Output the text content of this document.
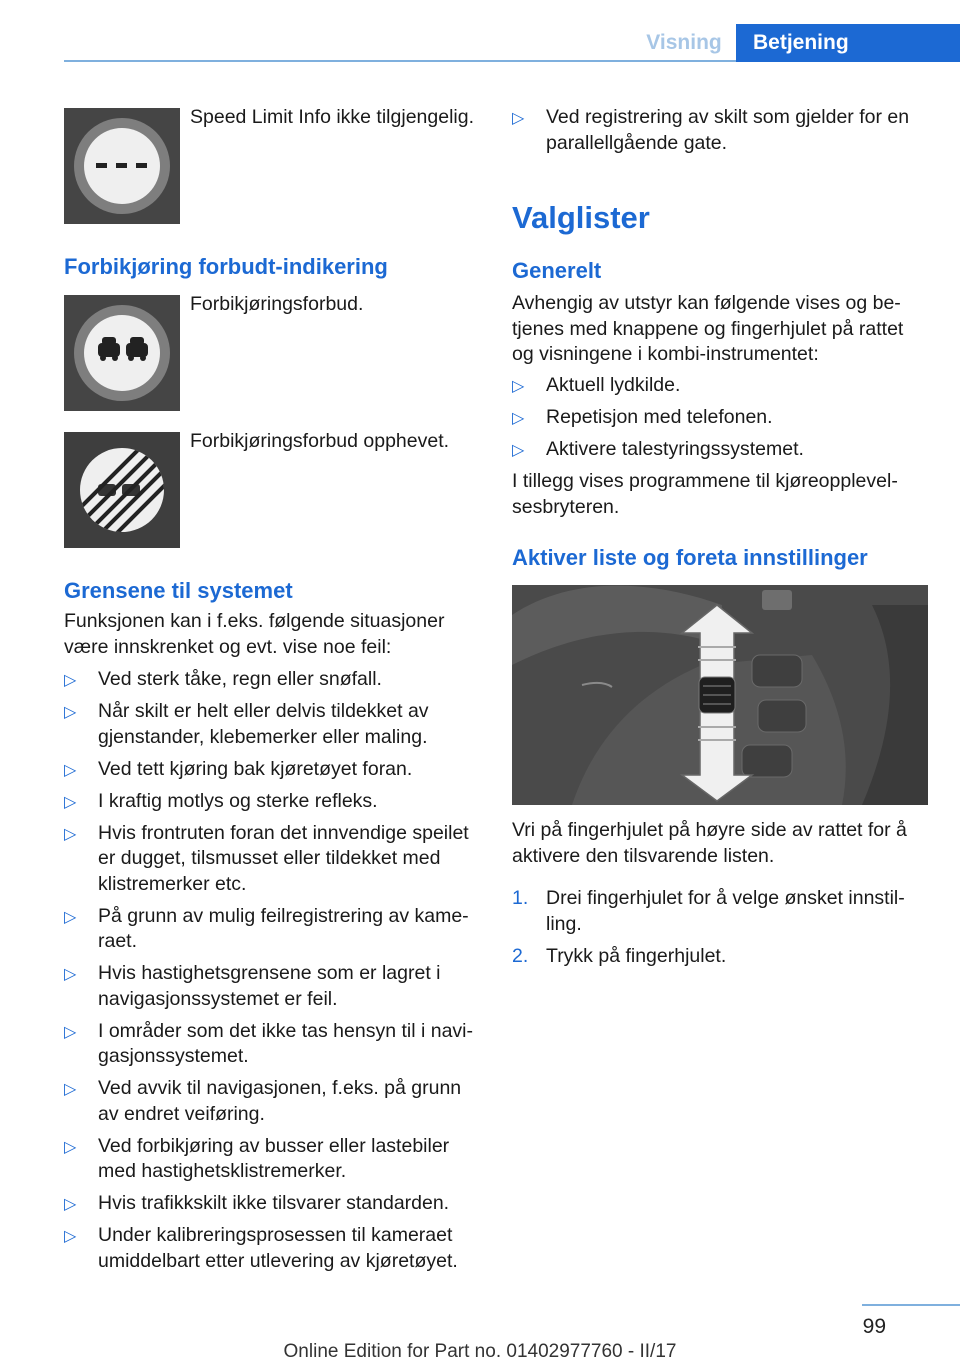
Visning	Betjening
Speed Limit Info ikke tilgjengelig.
Forbikjøring forbudt-indikering
Forbikjøringsforbud.
Forbikjøringsforbud opphevet.
Grensene til systemet
Funksjonen kan i f.eks. følgende situasjoner være innskrenket og evt. vise noe feil:
▷ Ved sterk tåke, regn eller snøfall.
▷ Når skilt er helt eller delvis tildekket av gjenstander, klebemerker eller maling.
▷ Ved tett kjøring bak kjøretøyet foran.
▷ I kraftig motlys og sterke refleks.
▷ Hvis frontruten foran det innvendige speilet er dugget, tilsmusset eller tildekket med klistremerker etc.
▷ På grunn av mulig feilregistrering av kameraet.
▷ Hvis hastighetsgrensene som er lagret i navigasjonssystemet er feil.
▷ I områder som det ikke tas hensyn til i navigasjonssystemet.
▷ Ved avvik til navigasjonen, f.eks. på grunn av endret veiføring.
▷ Ved forbikjøring av busser eller lastebiler med hastighetsklistremerker.
▷ Hvis trafikkskilt ikke tilsvarer standarden.
▷ Under kalibreringsprosessen til kameraet umiddelbart etter utlevering av kjøretøyet.
▷ Ved registrering av skilt som gjelder for en parallellgående gate.
Valglister
Generelt
Avhengig av utstyr kan følgende vises og betjenes med knappene og fingerhjulet på rattet og visningene i kombi-instrumentet:
▷ Aktuell lydkilde.
▷ Repetisjon med telefonen.
▷ Aktivere talestyringssystemet.
I tillegg vises programmene til kjøreopplevelsesbryteren.
Aktiver liste og foreta innstillinger
Vri på fingerhjulet på høyre side av rattet for å aktivere den tilsvarende listen.
1. Drei fingerhjulet for å velge ønsket innstilling.
2. Trykk på fingerhjulet.
99
Online Edition for Part no. 01402977760 - II/17
